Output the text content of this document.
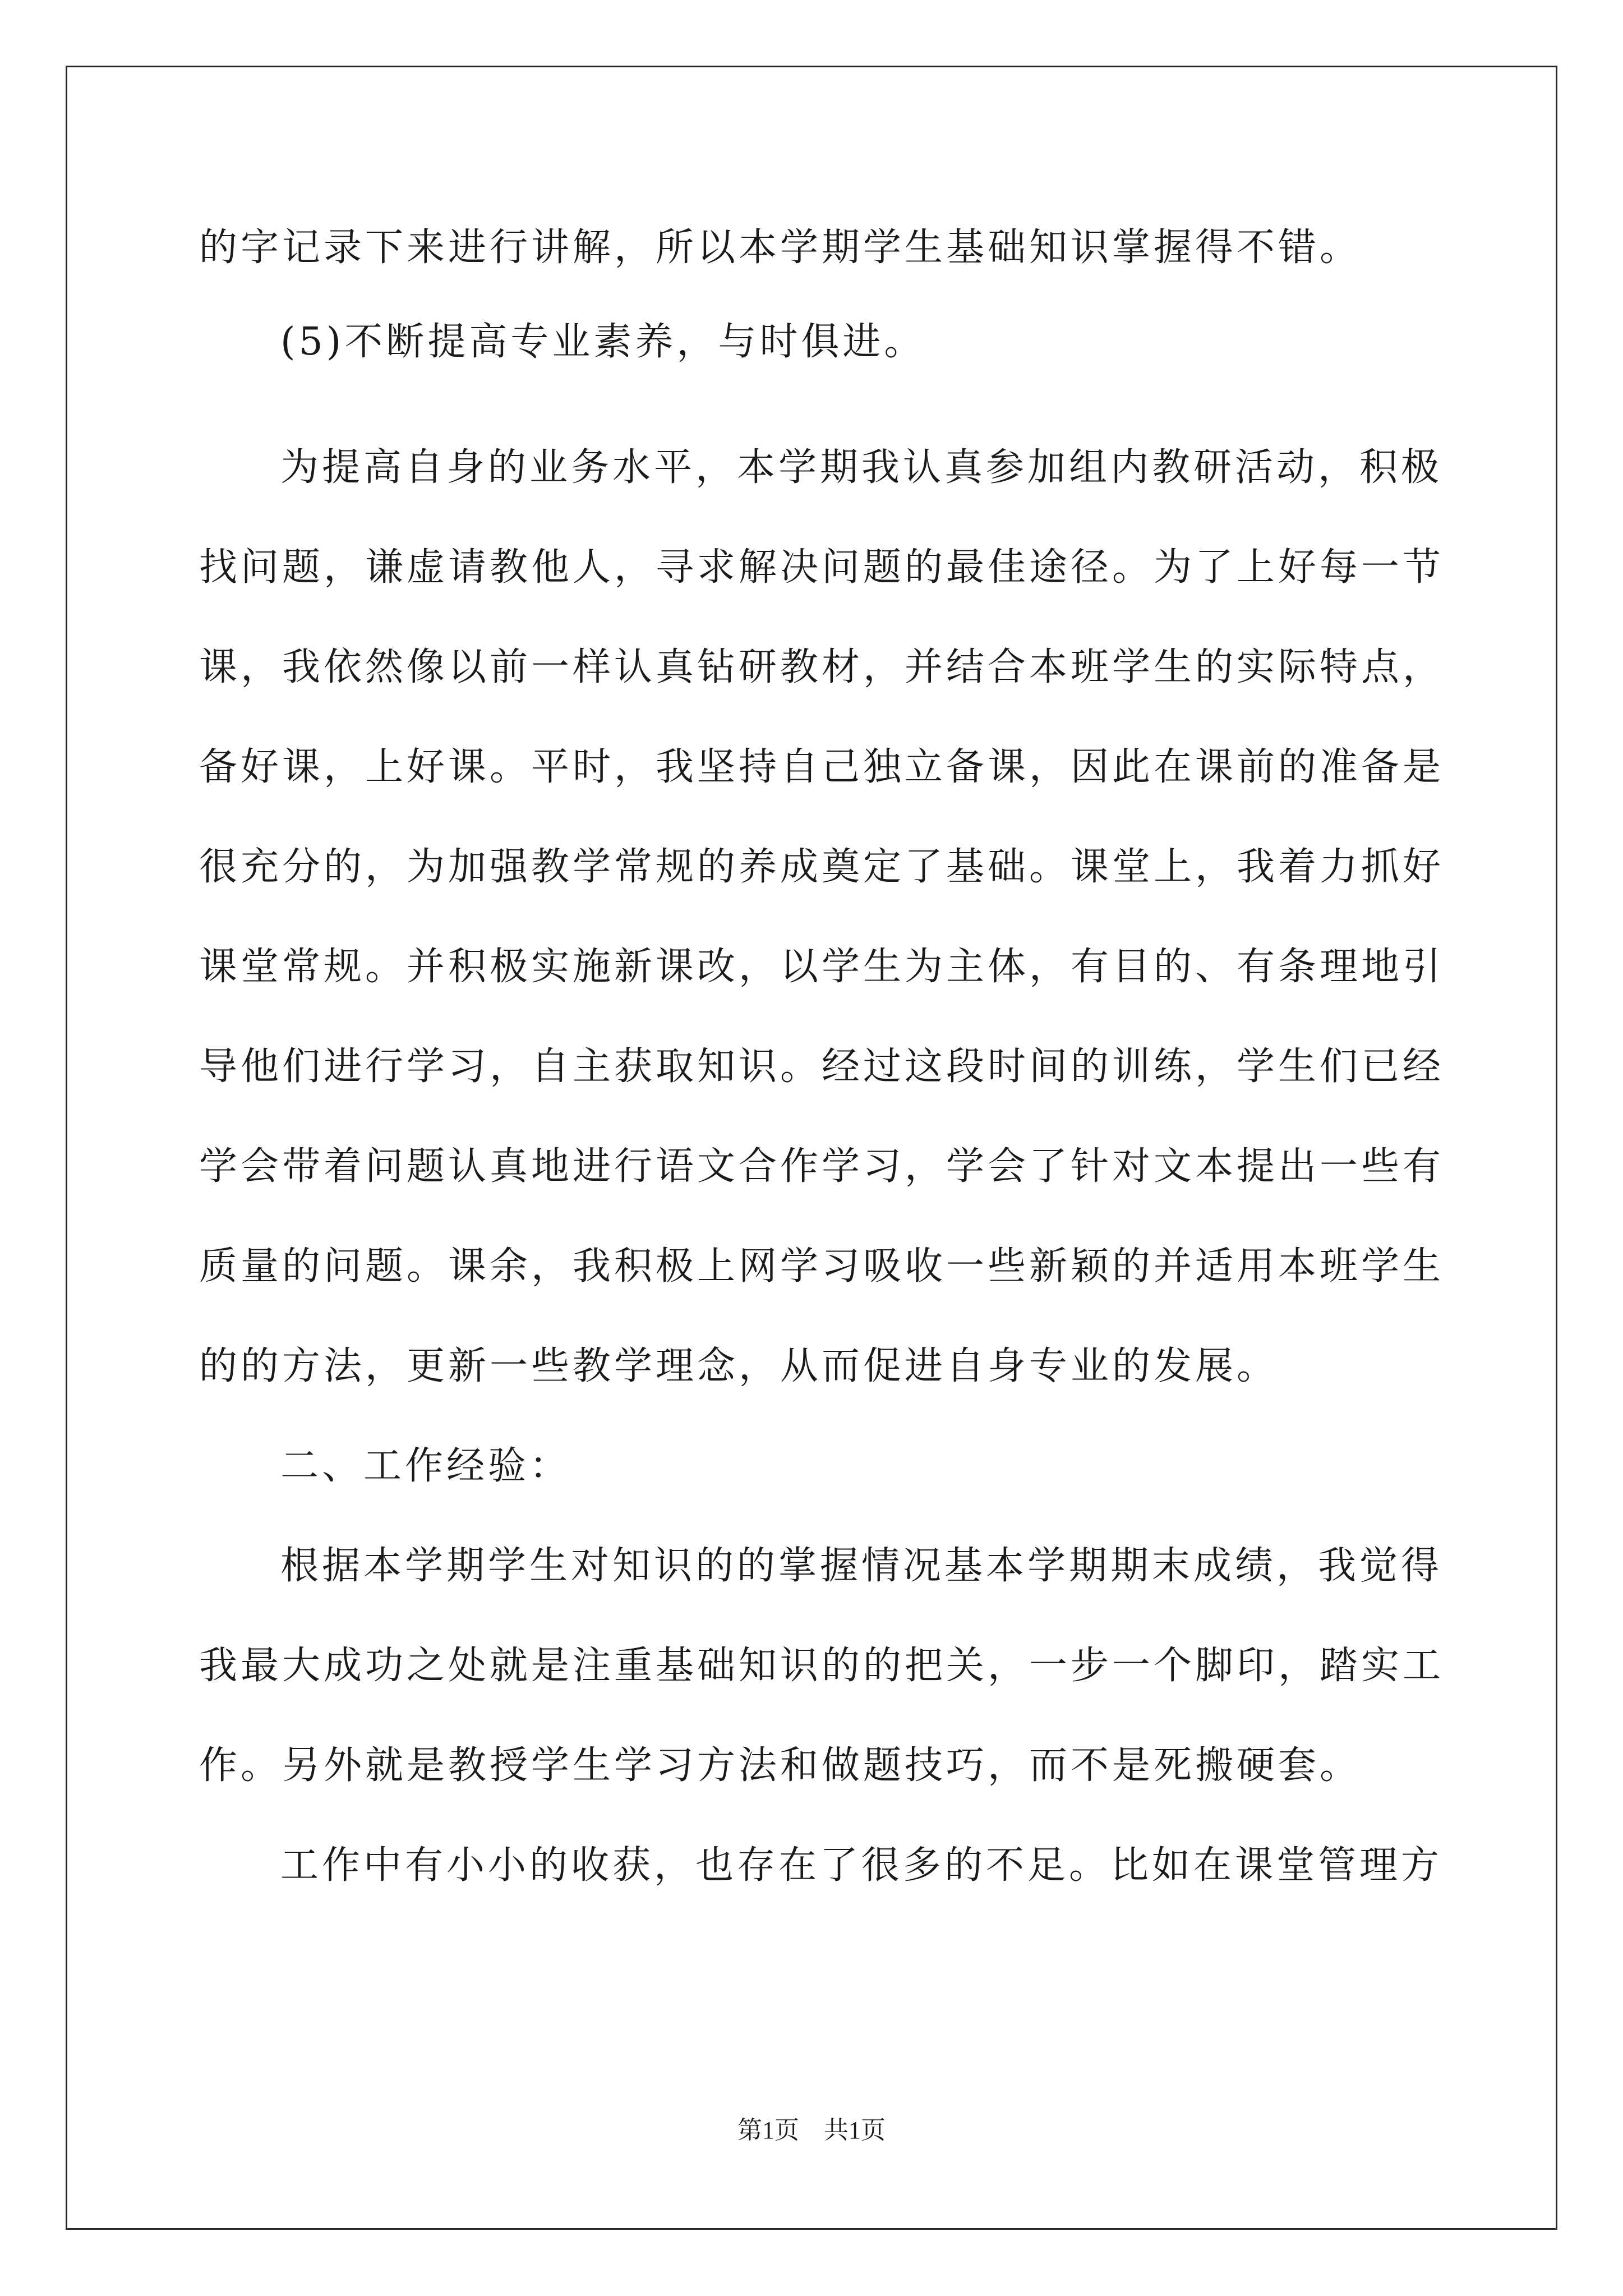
的字记录下来进行讲解，所以本学期学生基础知识掌握得不错。

(5)不断提高专业素养，与时俱进。

为提高自身的业务水平，本学期我认真参加组内教研活动，积极

找问题，谦虚请教他人，寻求解决问题的最佳途径。为了上好每一节

课，我依然像以前一样认真钻研教材，并结合本班学生的实际特点，

备好课，上好课。平时，我坚持自己独立备课，因此在课前的准备是

很充分的，为加强教学常规的养成奠定了基础。课堂上，我着力抓好

课堂常规。并积极实施新课改，以学生为主体，有目的、有条理地引

导他们进行学习，自主获取知识。经过这段时间的训练，学生们已经

学会带着问题认真地进行语文合作学习，学会了针对文本提出一些有

质量的问题。课余，我积极上网学习吸收一些新颖的并适用本班学生

的的方法，更新一些教学理念，从而促进自身专业的发展。

二、工作经验：

根据本学期学生对知识的的掌握情况基本学期期末成绩，我觉得

我最大成功之处就是注重基础知识的的把关，一步一个脚印，踏实工

作。另外就是教授学生学习方法和做题技巧，而不是死搬硬套。

工作中有小小的收获，也存在了很多的不足。比如在课堂管理方

第1页　共1页
